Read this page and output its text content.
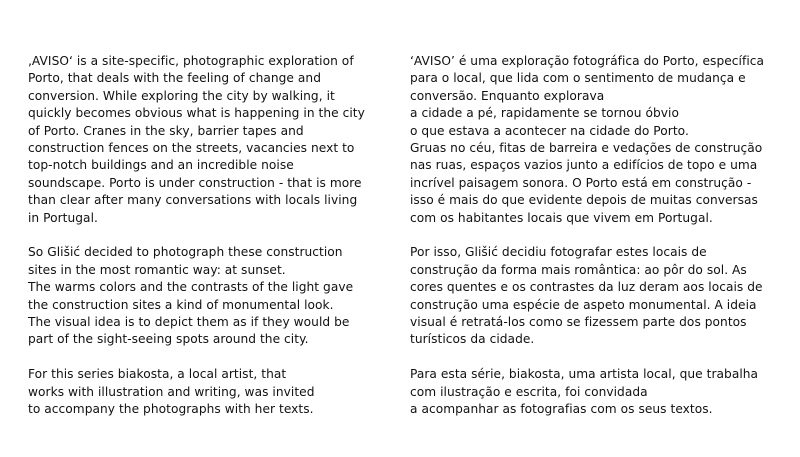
‚AVISO‘ is a site-specific, photographic exploration of
Porto, that deals with the feeling of change and
conversion. While exploring the city by walking, it
quickly becomes obvious what is happening in the city
of Porto. Cranes in the sky, barrier tapes and
construction fences on the streets, vacancies next to
top-notch buildings and an incredible noise
soundscape. Porto is under construction - that is more
than clear after many conversations with locals living
in Portugal.

So Glišić decided to photograph these construction
sites in the most romantic way: at sunset.
The warms colors and the contrasts of the light gave
the construction sites a kind of monumental look.
The visual idea is to depict them as if they would be
part of the sight-seeing spots around the city.

For this series biakosta, a local artist, that
works with illustration and writing, was invited
to accompany the photographs with her texts.

‘AVISO’ é uma exploração fotográfica do Porto, específica
para o local, que lida com o sentimento de mudança e
conversão. Enquanto explorava
a cidade a pé, rapidamente se tornou óbvio
o que estava a acontecer na cidade do Porto.
Gruas no céu, fitas de barreira e vedações de construção
nas ruas, espaços vazios junto a edifícios de topo e uma
incrível paisagem sonora. O Porto está em construção -
isso é mais do que evidente depois de muitas conversas
com os habitantes locais que vivem em Portugal.

Por isso, Glišić decidiu fotografar estes locais de
construção da forma mais romântica: ao pôr do sol. As
cores quentes e os contrastes da luz deram aos locais de
construção uma espécie de aspeto monumental. A ideia
visual é retratá-los como se fizessem parte dos pontos
turísticos da cidade.

Para esta série, biakosta, uma artista local, que trabalha
com ilustração e escrita, foi convidada
a acompanhar as fotografias com os seus textos.
